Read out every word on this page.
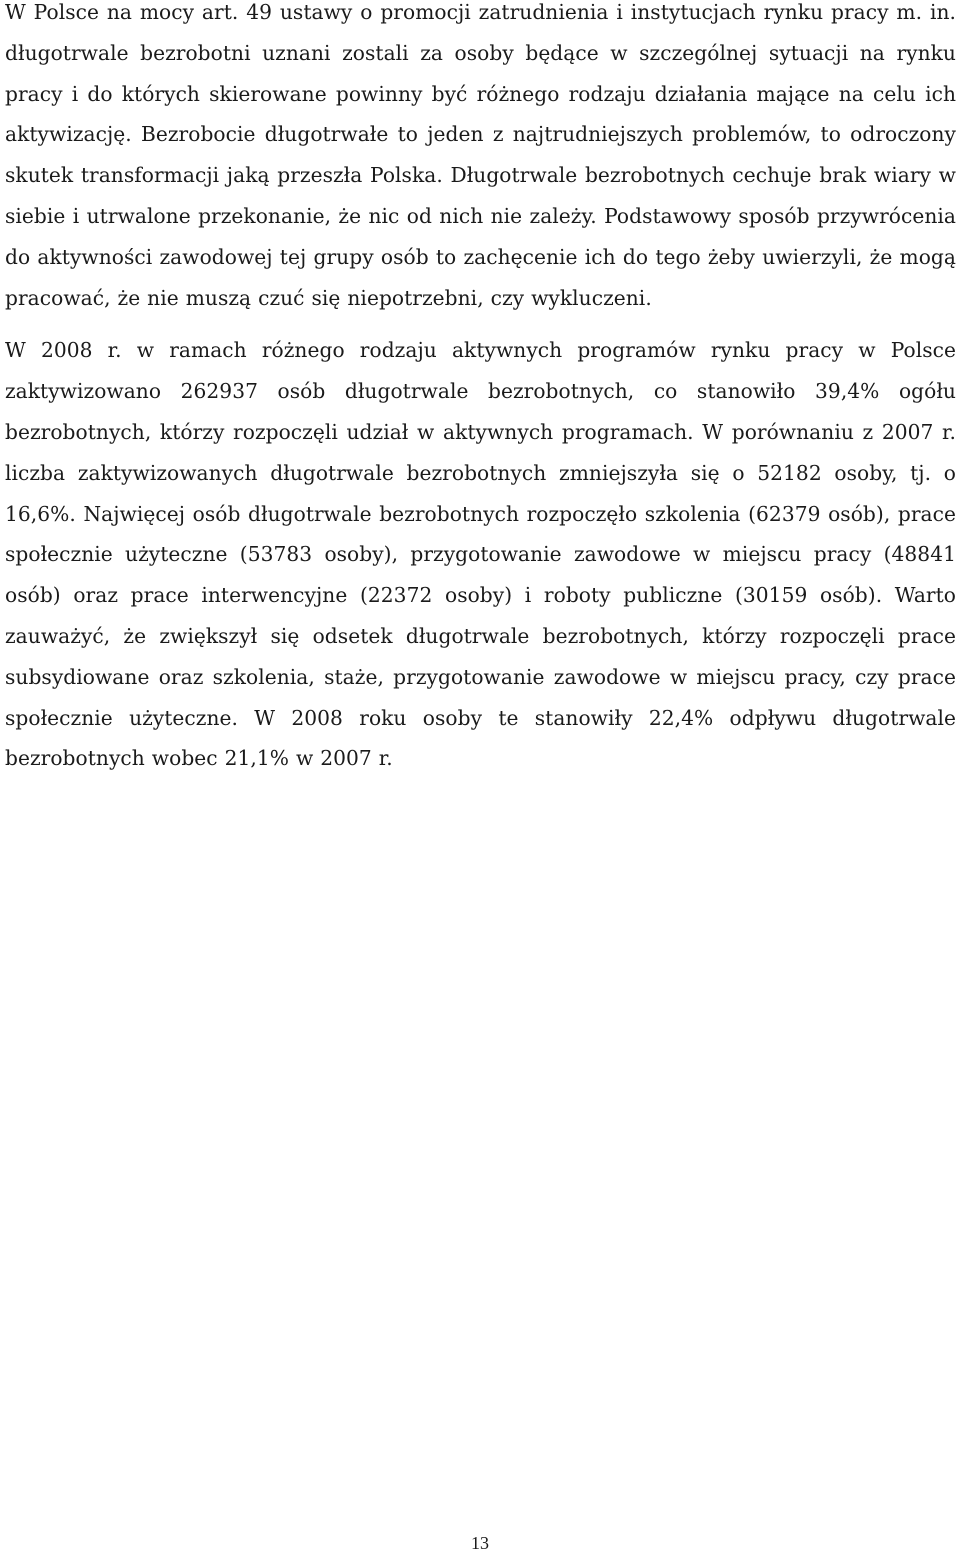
W Polsce na mocy art. 49 ustawy o promocji zatrudnienia i instytucjach rynku pracy m. in. długotrwale bezrobotni uznani zostali za osoby będące w szczególnej sytuacji na rynku pracy i do których skierowane powinny być różnego rodzaju działania mające na celu ich aktywizację. Bezrobocie długotrwałe to jeden z najtrudniejszych problemów, to odroczony skutek transformacji jaką przeszła Polska. Długotrwale bezrobotnych cechuje brak wiary w siebie i utrwalone przekonanie, że nic od nich nie zależy. Podstawowy sposób przywrócenia do aktywności zawodowej tej grupy osób to zachęcenie ich do tego żeby uwierzyli, że mogą pracować, że nie muszą czuć się niepotrzebni, czy wykluczeni.

W 2008 r. w ramach różnego rodzaju aktywnych programów rynku pracy w Polsce zaktywizowano 262937 osób długotrwale bezrobotnych, co stanowiło 39,4% ogółu bezrobotnych, którzy rozpoczęli udział w aktywnych programach. W porównaniu z 2007 r. liczba zaktywizowanych długotrwale bezrobotnych zmniejszyła się o 52182 osoby, tj. o 16,6%. Najwięcej osób długotrwale bezrobotnych rozpoczęło szkolenia (62379 osób), prace społecznie użyteczne (53783 osoby), przygotowanie zawodowe w miejscu pracy (48841 osób) oraz prace interwencyjne (22372 osoby) i roboty publiczne (30159 osób). Warto zauważyć, że zwiększył się odsetek długotrwale bezrobotnych, którzy rozpoczęli prace subsydiowane oraz szkolenia, staże, przygotowanie zawodowe w miejscu pracy, czy prace społecznie użyteczne. W 2008 roku osoby te stanowiły 22,4% odpływu długotrwale bezrobotnych wobec 21,1% w 2007 r.

13
